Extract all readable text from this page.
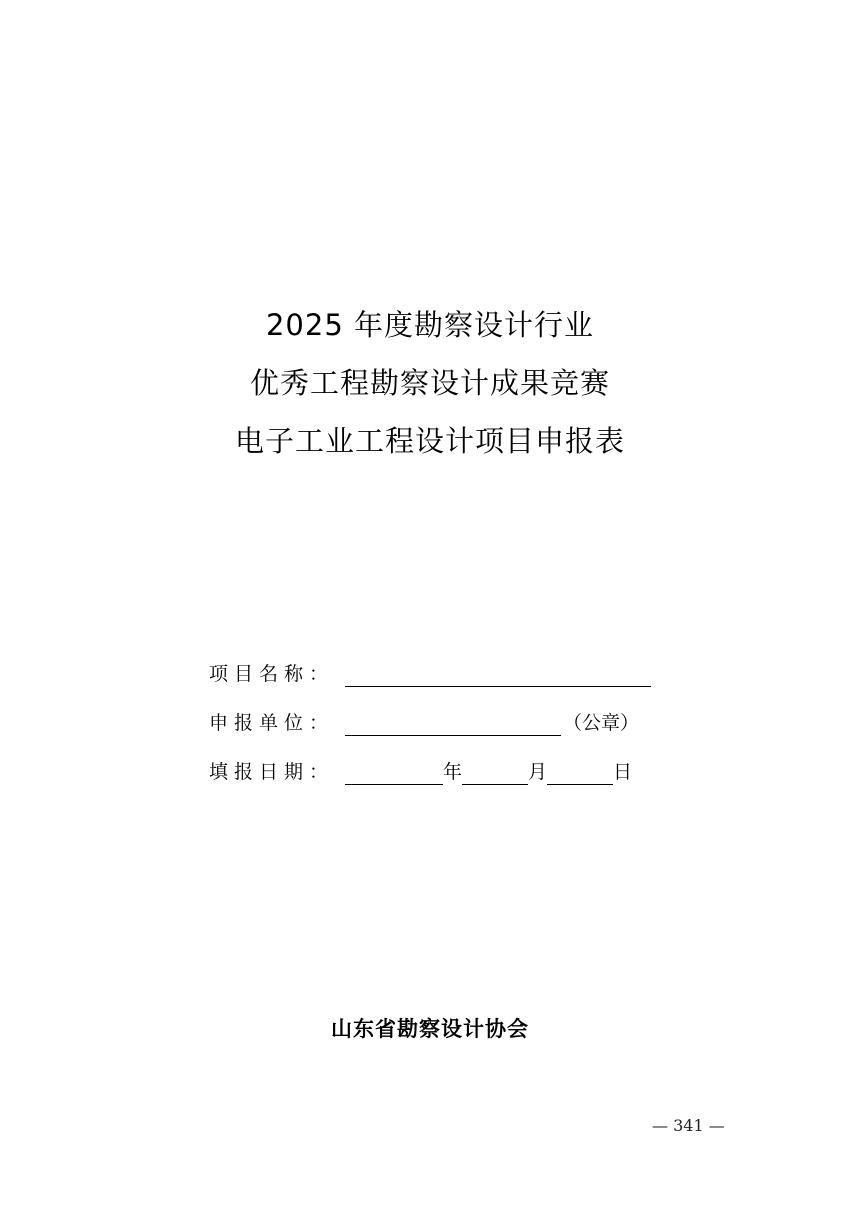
2025 年度勘察设计行业
优秀工程勘察设计成果竞赛
电子工业工程设计项目申报表
项目名称：
申报单位：	（公章）
填报日期：	年	月	日
山东省勘察设计协会
— 341 —
